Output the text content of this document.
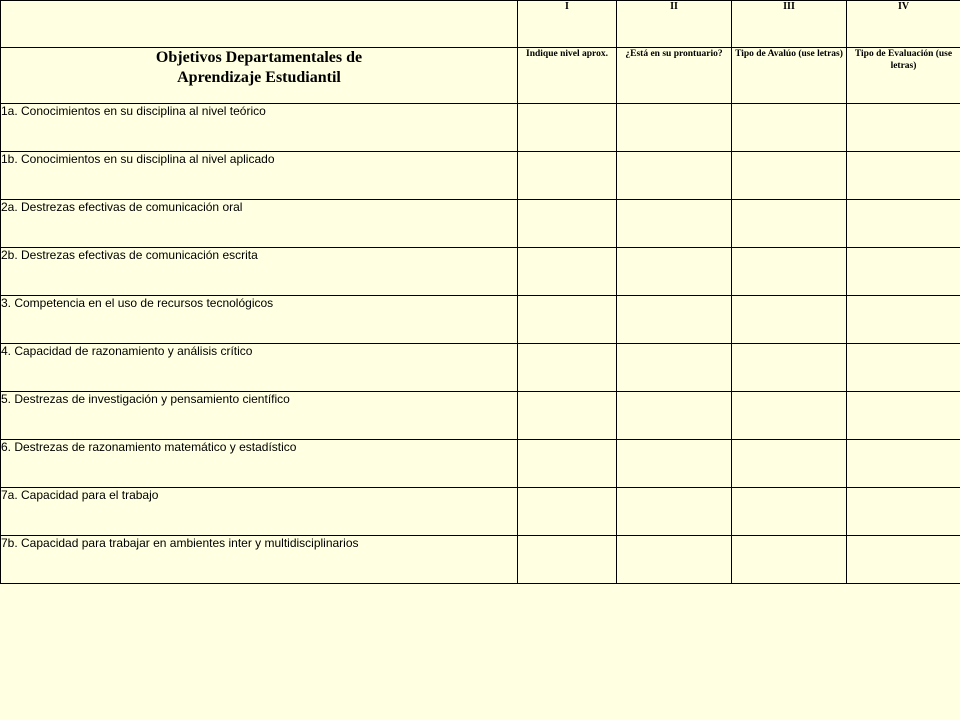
	I	II	III	IV

Objetivos Departamentales de
Aprendizaje Estudiantil	Indique nivel aprox.	¿Está en su prontuario?	Tipo de Avalúo (use letras)	Tipo de Evaluación (use letras)
1a. Conocimientos en su disciplina al nivel teórico				
1b. Conocimientos en su disciplina al nivel aplicado				
2a. Destrezas efectivas de comunicación oral				
2b. Destrezas efectivas de comunicación escrita				
3. Competencia en el uso de recursos tecnológicos				
4. Capacidad de razonamiento y análisis crítico				
5. Destrezas de investigación y pensamiento científico				
6. Destrezas de razonamiento matemático y estadístico				
7a. Capacidad para el trabajo				
7b. Capacidad para trabajar en ambientes inter y multidisciplinarios				
